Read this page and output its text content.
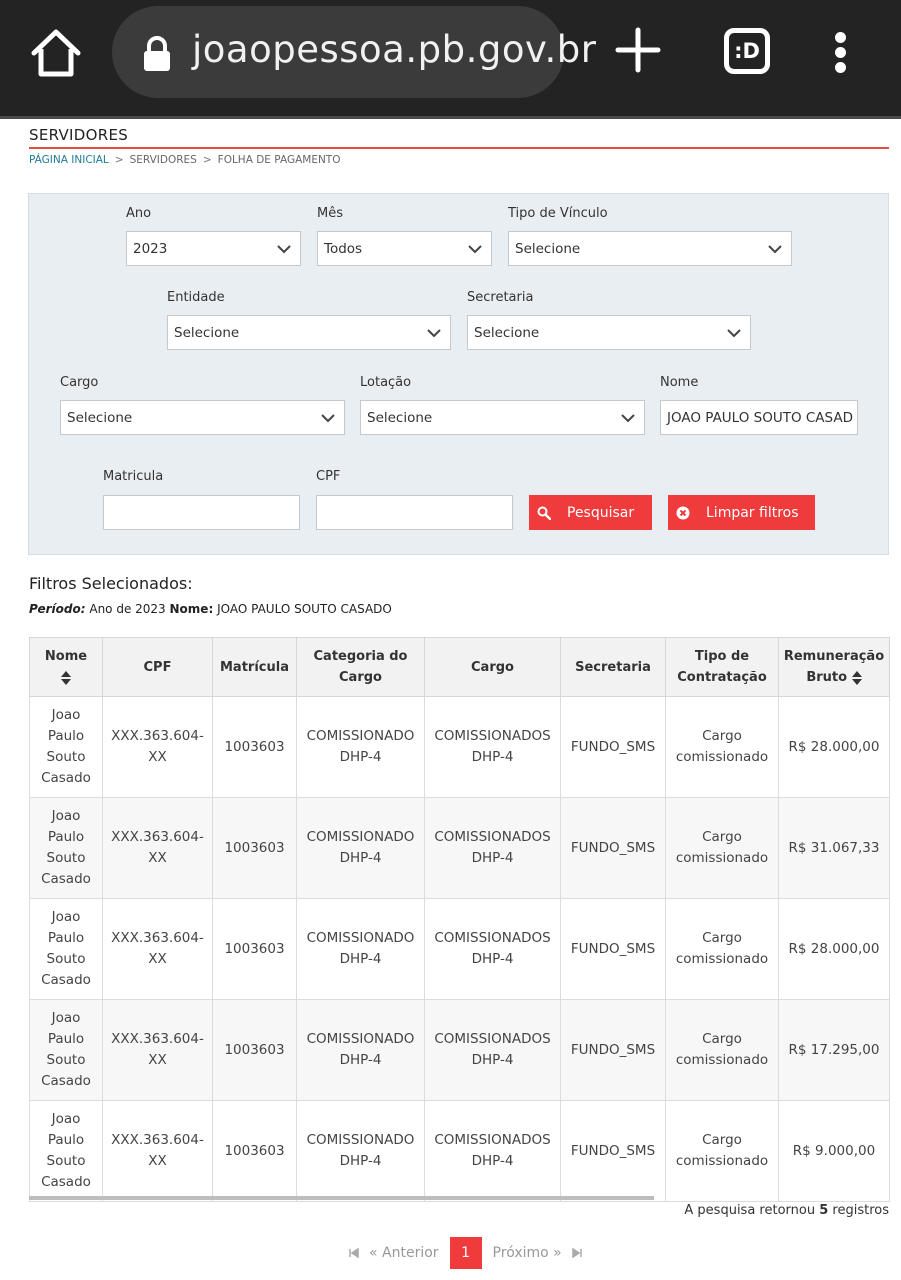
joaopessoa.pb.gov.br	:D
SERVIDORES
PÁGINA INICIAL > SERVIDORES > FOLHA DE PAGAMENTO
Ano
2023
Mês
Todos
Tipo de Vínculo
Selecione
Entidade
Selecione
Secretaria
Selecione
Cargo
Selecione
Lotação
Selecione
Nome
JOAO PAULO SOUTO CASAD
Matricula	CPF
Pesquisar	Limpar filtros
Filtros Selecionados:
Período: Ano de 2023 Nome: JOAO PAULO SOUTO CASADO
Nome	CPF	Matrícula	Categoria do Cargo	Cargo	Secretaria	Tipo de Contratação	Remuneração Bruto
Joao Paulo Souto Casado	XXX.363.604-XX	1003603	COMISSIONADO DHP-4	COMISSIONADOS DHP-4	FUNDO_SMS	Cargo comissionado	R$ 28.000,00
Joao Paulo Souto Casado	XXX.363.604-XX	1003603	COMISSIONADO DHP-4	COMISSIONADOS DHP-4	FUNDO_SMS	Cargo comissionado	R$ 31.067,33
Joao Paulo Souto Casado	XXX.363.604-XX	1003603	COMISSIONADO DHP-4	COMISSIONADOS DHP-4	FUNDO_SMS	Cargo comissionado	R$ 28.000,00
Joao Paulo Souto Casado	XXX.363.604-XX	1003603	COMISSIONADO DHP-4	COMISSIONADOS DHP-4	FUNDO_SMS	Cargo comissionado	R$ 17.295,00
Joao Paulo Souto Casado	XXX.363.604-XX	1003603	COMISSIONADO DHP-4	COMISSIONADOS DHP-4	FUNDO_SMS	Cargo comissionado	R$ 9.000,00
A pesquisa retornou 5 registros
« Anterior	1	Próximo »
